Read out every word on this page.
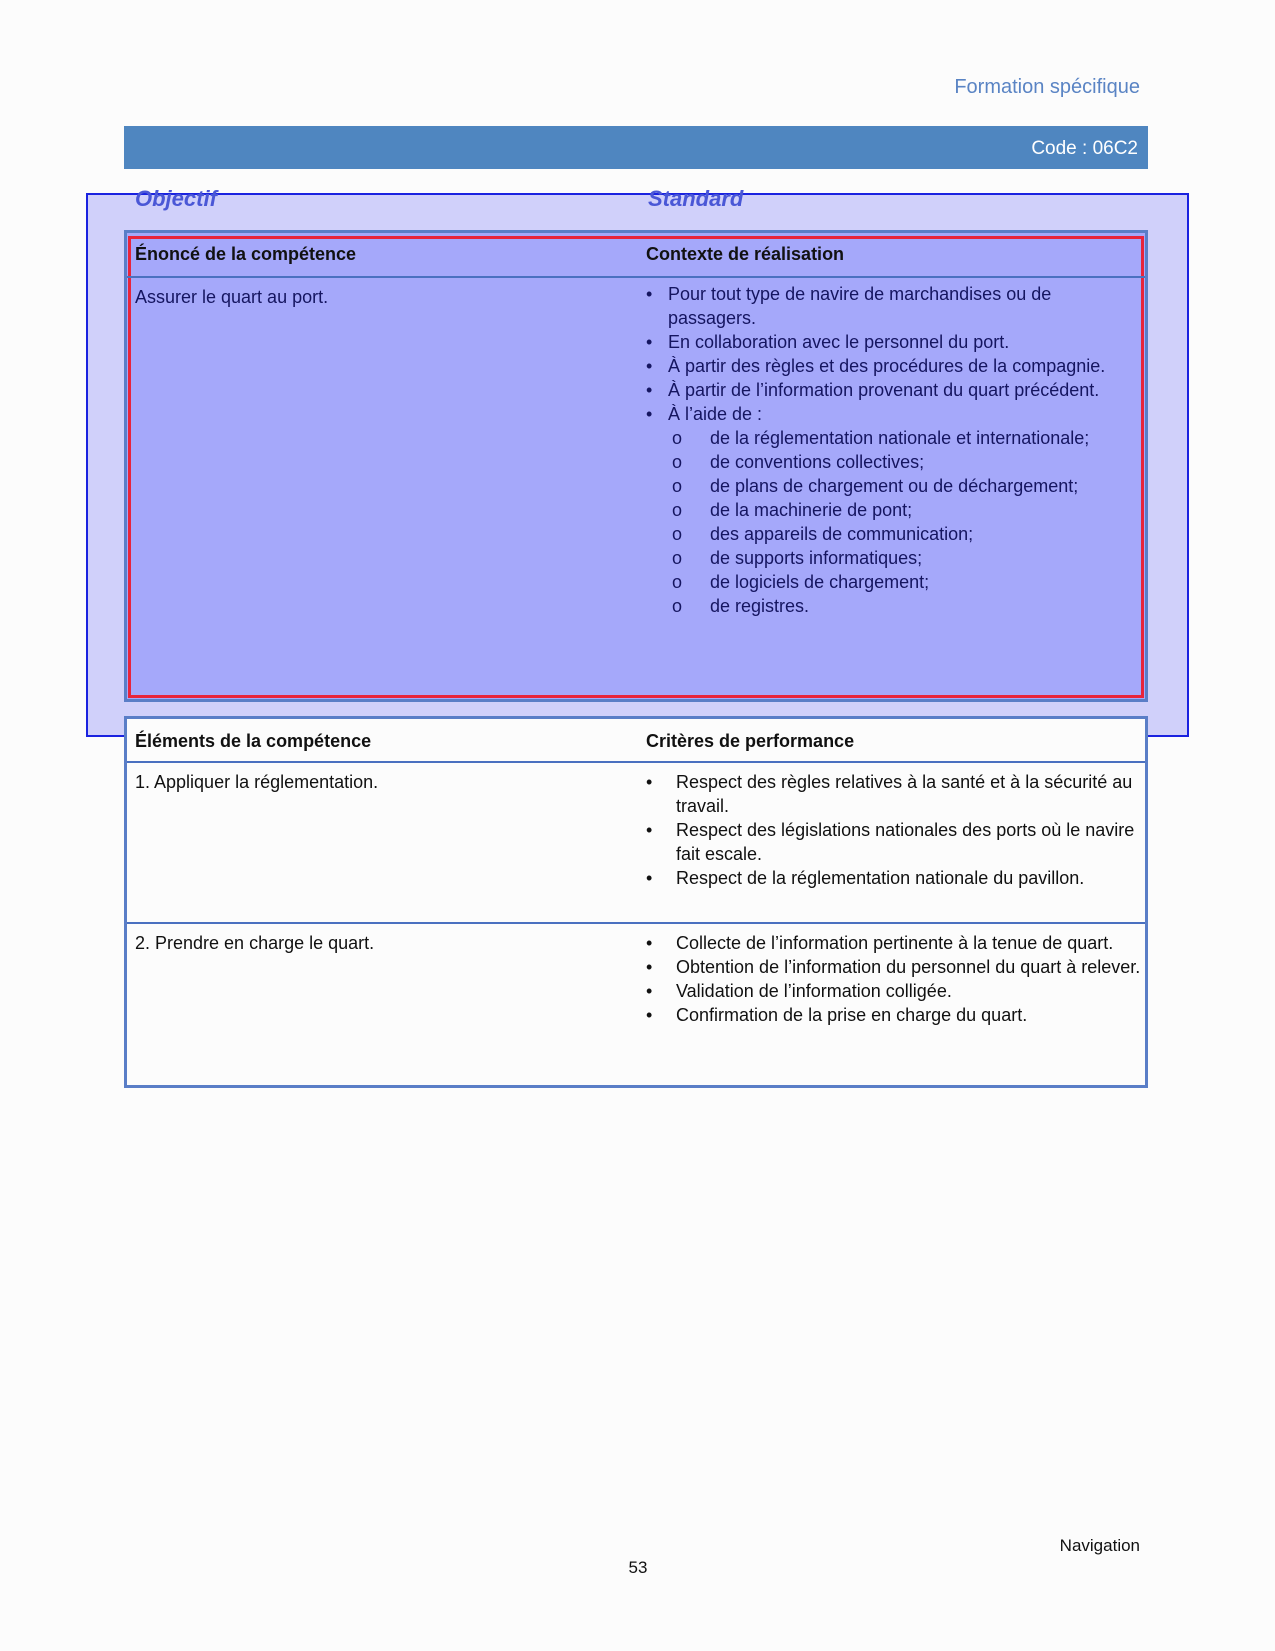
Formation spécifique
Code : 06C2
Objectif	Standard
Énoncé de la compétence	Contexte de réalisation
Assurer le quart au port.	• Pour tout type de navire de marchandises ou de passagers.
• En collaboration avec le personnel du port.
• À partir des règles et des procédures de la compagnie.
• À partir de l’information provenant du quart précédent.
• À l’aide de :
o de la réglementation nationale et internationale;
o de conventions collectives;
o de plans de chargement ou de déchargement;
o de la machinerie de pont;
o des appareils de communication;
o de supports informatiques;
o de logiciels de chargement;
o de registres.
Éléments de la compétence	Critères de performance
1. Appliquer la réglementation.	• Respect des règles relatives à la santé et à la sécurité au travail.
• Respect des législations nationales des ports où le navire fait escale.
• Respect de la réglementation nationale du pavillon.
2. Prendre en charge le quart.	• Collecte de l’information pertinente à la tenue de quart.
• Obtention de l’information du personnel du quart à relever.
• Validation de l’information colligée.
• Confirmation de la prise en charge du quart.
Navigation
53
